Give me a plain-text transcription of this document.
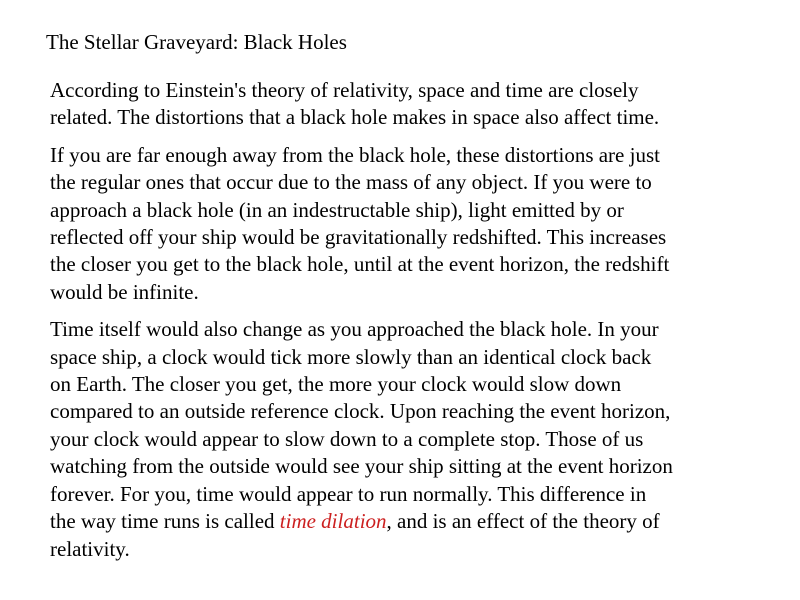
The Stellar Graveyard: Black Holes

According to Einstein's theory of relativity, space and time are closely
related. The distortions that a black hole makes in space also affect time.

If you are far enough away from the black hole, these distortions are just
the regular ones that occur due to the mass of any object. If you were to
approach a black hole (in an indestructable ship), light emitted by or
reflected off your ship would be gravitationally redshifted. This increases
the closer you get to the black hole, until at the event horizon, the redshift
would be infinite.

Time itself would also change as you approached the black hole. In your
space ship, a clock would tick more slowly than an identical clock back
on Earth. The closer you get, the more your clock would slow down
compared to an outside reference clock. Upon reaching the event horizon,
your clock would appear to slow down to a complete stop. Those of us
watching from the outside would see your ship sitting at the event horizon
forever. For you, time would appear to run normally. This difference in
the way time runs is called time dilation, and is an effect of the theory of
relativity.
